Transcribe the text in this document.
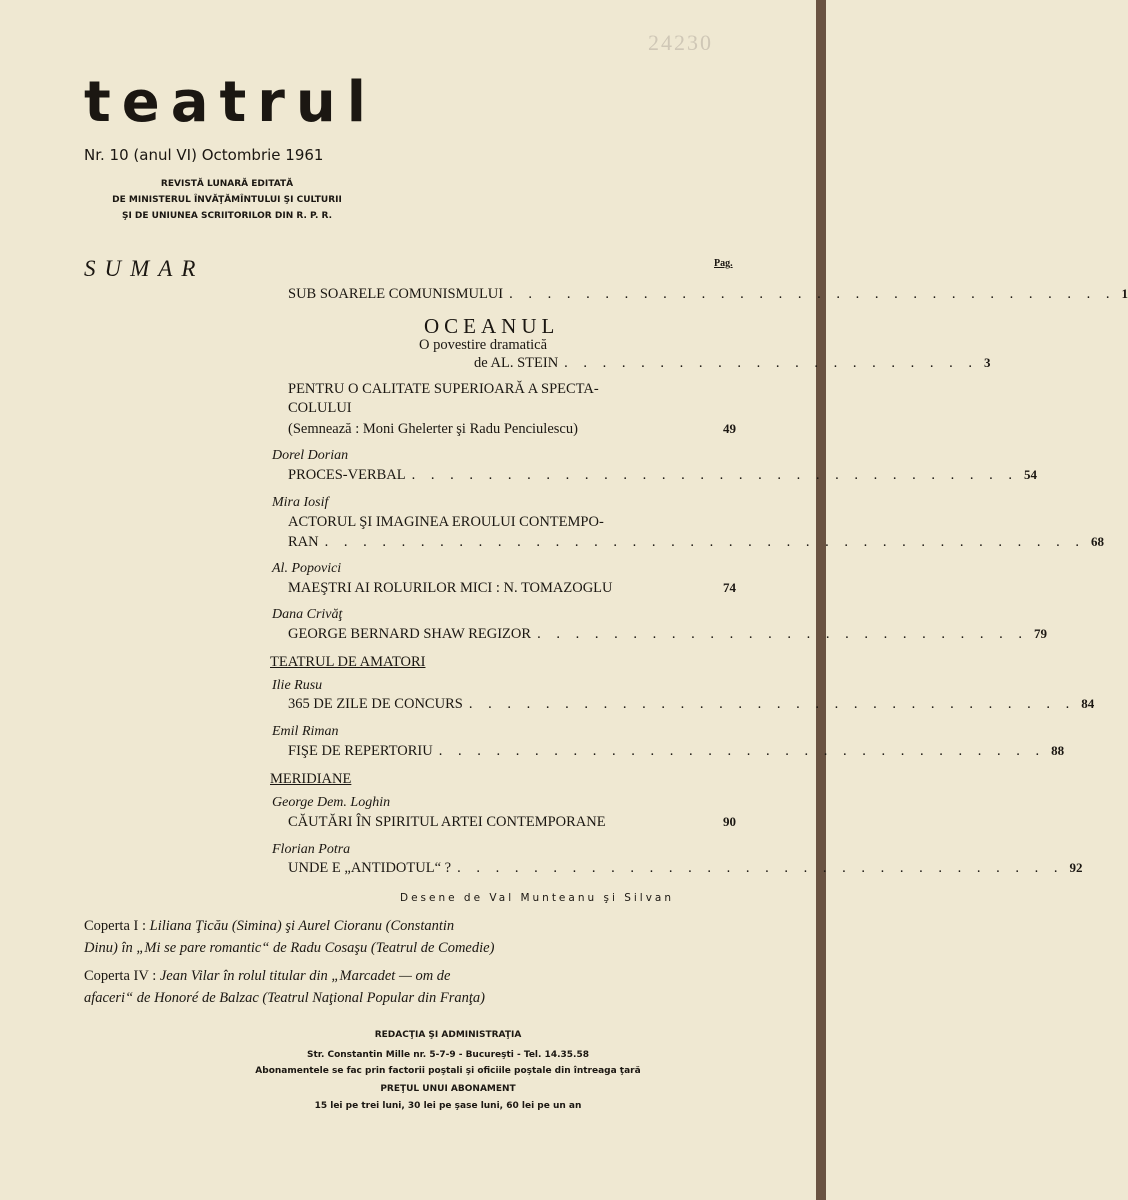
24230
teatrul
Nr. 10 (anul VI) Octombrie 1961
REVISTĂ LUNARĂ EDITATĂ
DE MINISTERUL ÎNVĂŢĂMÎNTULUI ŞI CULTURII
ŞI DE UNIUNEA SCRIITORILOR DIN R. P. R.
SUMAR	Pag.
SUB SOARELE COMUNISMULUI . . . . . . . . . . . . . . . . . . . . . . . . . . . . . . . . 1
OCEANUL
O povestire dramatică
de AL. STEIN . . . . . . . . . . . . . . . . . . . . . . 3
PENTRU O CALITATE SUPERIOARĂ A SPECTA-
COLULUI
(Semnează : Moni Ghelerter şi Radu Penciulescu)	49
Dorel Dorian
PROCES-VERBAL . . . . . . . . . . . . . . . . . . . . . . . . . . . . . . . . 54
Mira Iosif
ACTORUL ŞI IMAGINEA EROULUI CONTEMPO-
RAN . . . . . . . . . . . . . . . . . . . . . . . . . . . . . . . . . . . . . . . . 68
Al. Popovici
MAEŞTRI AI ROLURILOR MICI : N. TOMAZOGLU	74
Dana Crivăţ
GEORGE BERNARD SHAW REGIZOR . . . . . . . . . . . . . . . . . . . . . . . . . . 79
TEATRUL DE AMATORI
Ilie Rusu
365 DE ZILE DE CONCURS . . . . . . . . . . . . . . . . . . . . . . . . . . . . . . . . 84
Emil Riman
FIŞE DE REPERTORIU . . . . . . . . . . . . . . . . . . . . . . . . . . . . . . . . 88
MERIDIANE
George Dem. Loghin
CĂUTĂRI ÎN SPIRITUL ARTEI CONTEMPORANE	90
Florian Potra
UNDE E „ANTIDOTUL“ ? . . . . . . . . . . . . . . . . . . . . . . . . . . . . . . . . 92
Desene de Val Munteanu şi Silvan
Coperta I : Liliana Ţicău (Simina) şi Aurel Cioranu (Constantin
Dinu) în „Mi se pare romantic“ de Radu Cosaşu (Teatrul de Comedie)
Coperta IV : Jean Vilar în rolul titular din „Marcadet — om de
afaceri“ de Honoré de Balzac (Teatrul Naţional Popular din Franţa)
REDACŢIA ŞI ADMINISTRAŢIA
Str. Constantin Mille nr. 5-7-9 - Bucureşti - Tel. 14.35.58
Abonamentele se fac prin factorii poştali şi oficiile poştale din întreaga ţară
PREŢUL UNUI ABONAMENT
15 lei pe trei luni, 30 lei pe şase luni, 60 lei pe un an
